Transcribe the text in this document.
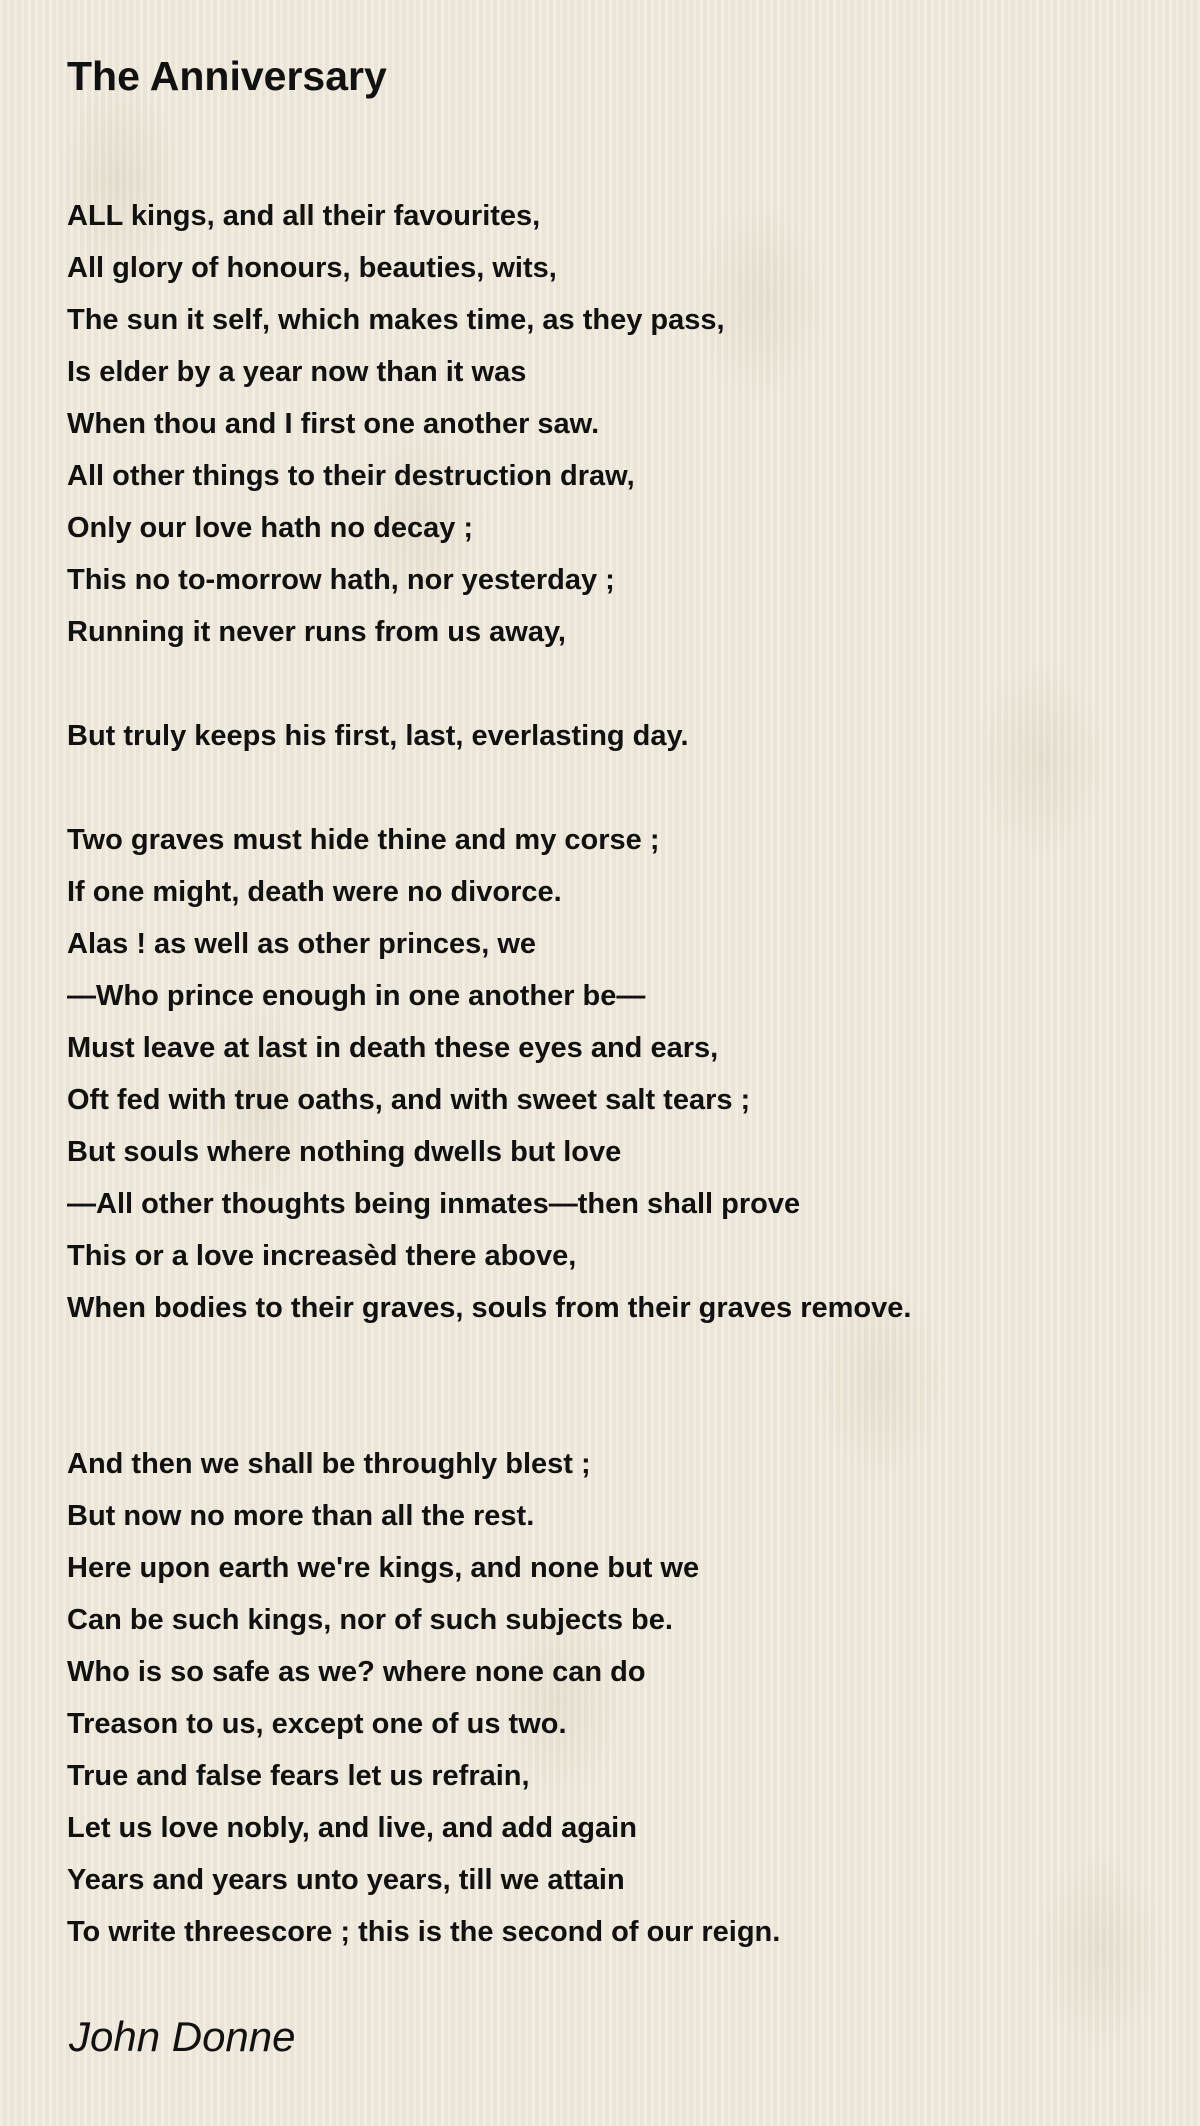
The Anniversary
ALL kings, and all their favourites,
All glory of honours, beauties, wits,
The sun it self, which makes time, as they pass,
Is elder by a year now than it was
When thou and I first one another saw.
All other things to their destruction draw,
Only our love hath no decay ;
This no to-morrow hath, nor yesterday ;
Running it never runs from us away,
But truly keeps his first, last, everlasting day.
Two graves must hide thine and my corse ;
If one might, death were no divorce.
Alas ! as well as other princes, we
—Who prince enough in one another be—
Must leave at last in death these eyes and ears,
Oft fed with true oaths, and with sweet salt tears ;
But souls where nothing dwells but love
—All other thoughts being inmates—then shall prove
This or a love increasèd there above,
When bodies to their graves, souls from their graves remove.
And then we shall be throughly blest ;
But now no more than all the rest.
Here upon earth we're kings, and none but we
Can be such kings, nor of such subjects be.
Who is so safe as we? where none can do
Treason to us, except one of us two.
True and false fears let us refrain,
Let us love nobly, and live, and add again
Years and years unto years, till we attain
To write threescore ; this is the second of our reign.

John Donne
